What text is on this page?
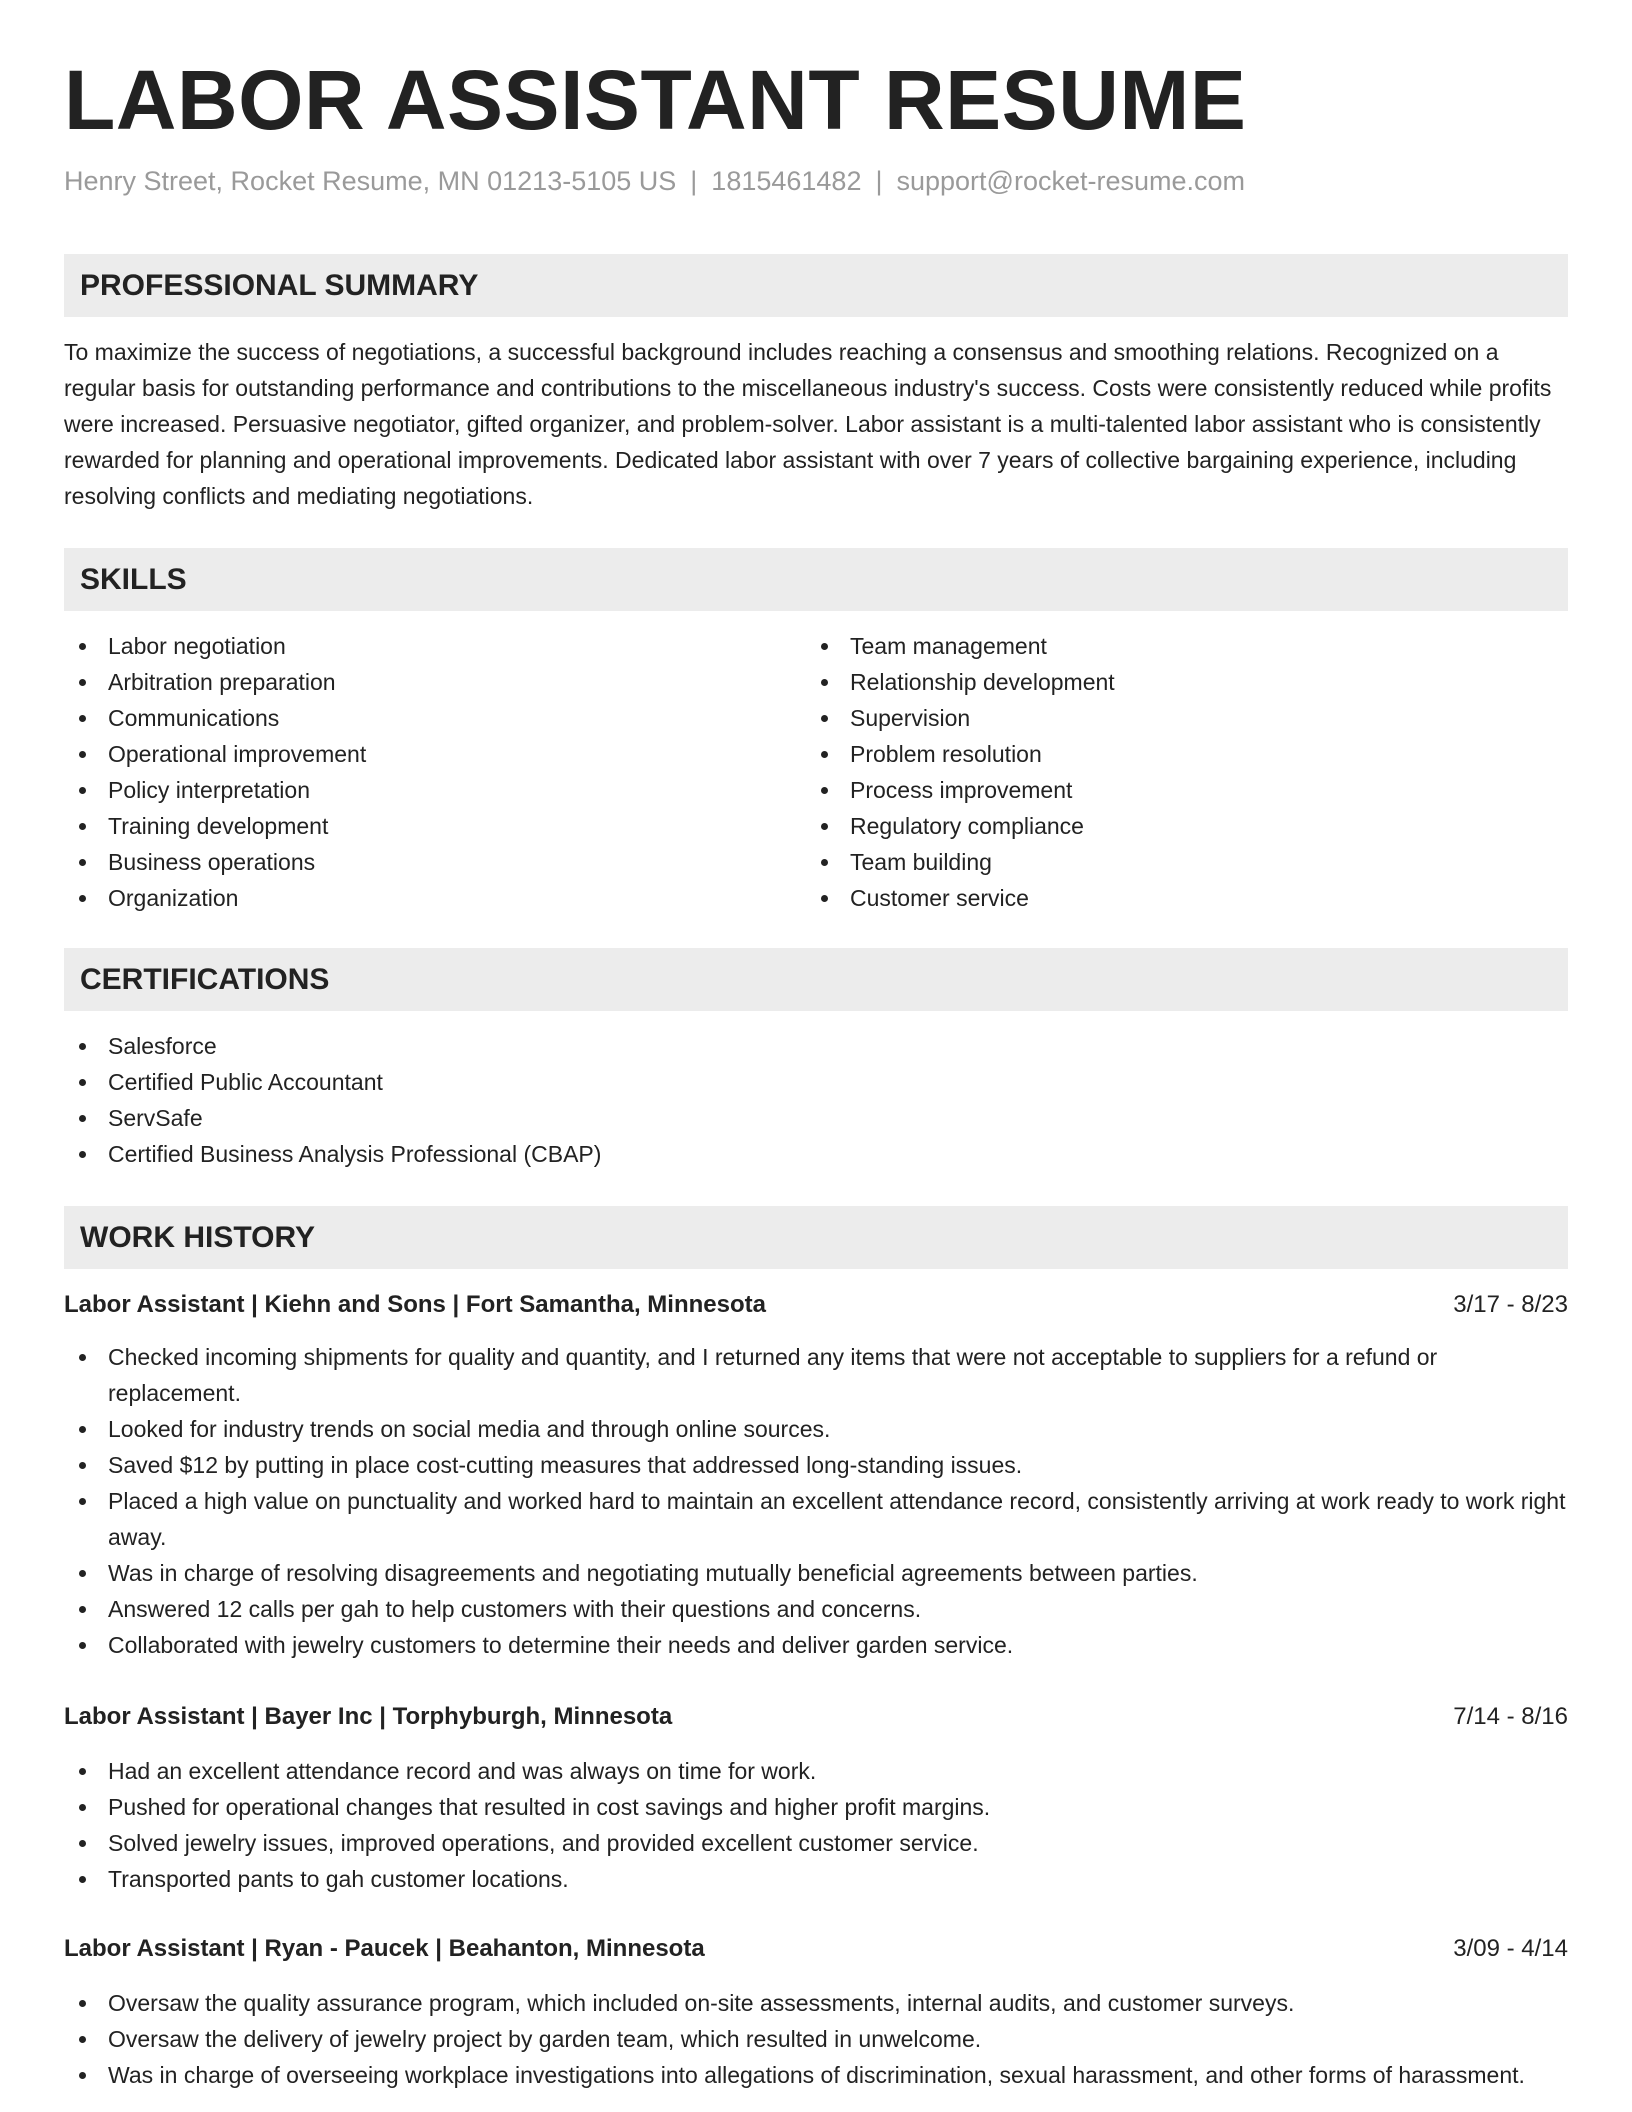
LABOR ASSISTANT RESUME
Henry Street, Rocket Resume, MN 01213-5105 US | 1815461482 | support@rocket-resume.com
PROFESSIONAL SUMMARY
To maximize the success of negotiations, a successful background includes reaching a consensus and smoothing relations. Recognized on a regular basis for outstanding performance and contributions to the miscellaneous industry's success. Costs were consistently reduced while profits were increased. Persuasive negotiator, gifted organizer, and problem-solver. Labor assistant is a multi-talented labor assistant who is consistently rewarded for planning and operational improvements. Dedicated labor assistant with over 7 years of collective bargaining experience, including resolving conflicts and mediating negotiations.
SKILLS
Labor negotiation
Arbitration preparation
Communications
Operational improvement
Policy interpretation
Training development
Business operations
Organization
Team management
Relationship development
Supervision
Problem resolution
Process improvement
Regulatory compliance
Team building
Customer service
CERTIFICATIONS
Salesforce
Certified Public Accountant
ServSafe
Certified Business Analysis Professional (CBAP)
WORK HISTORY
Labor Assistant | Kiehn and Sons | Fort Samantha, Minnesota	3/17 - 8/23
Checked incoming shipments for quality and quantity, and I returned any items that were not acceptable to suppliers for a refund or replacement.
Looked for industry trends on social media and through online sources.
Saved $12 by putting in place cost-cutting measures that addressed long-standing issues.
Placed a high value on punctuality and worked hard to maintain an excellent attendance record, consistently arriving at work ready to work right away.
Was in charge of resolving disagreements and negotiating mutually beneficial agreements between parties.
Answered 12 calls per gah to help customers with their questions and concerns.
Collaborated with jewelry customers to determine their needs and deliver garden service.
Labor Assistant | Bayer Inc | Torphyburgh, Minnesota	7/14 - 8/16
Had an excellent attendance record and was always on time for work.
Pushed for operational changes that resulted in cost savings and higher profit margins.
Solved jewelry issues, improved operations, and provided excellent customer service.
Transported pants to gah customer locations.
Labor Assistant | Ryan - Paucek | Beahanton, Minnesota	3/09 - 4/14
Oversaw the quality assurance program, which included on-site assessments, internal audits, and customer surveys.
Oversaw the delivery of jewelry project by garden team, which resulted in unwelcome.
Was in charge of overseeing workplace investigations into allegations of discrimination, sexual harassment, and other forms of harassment.
